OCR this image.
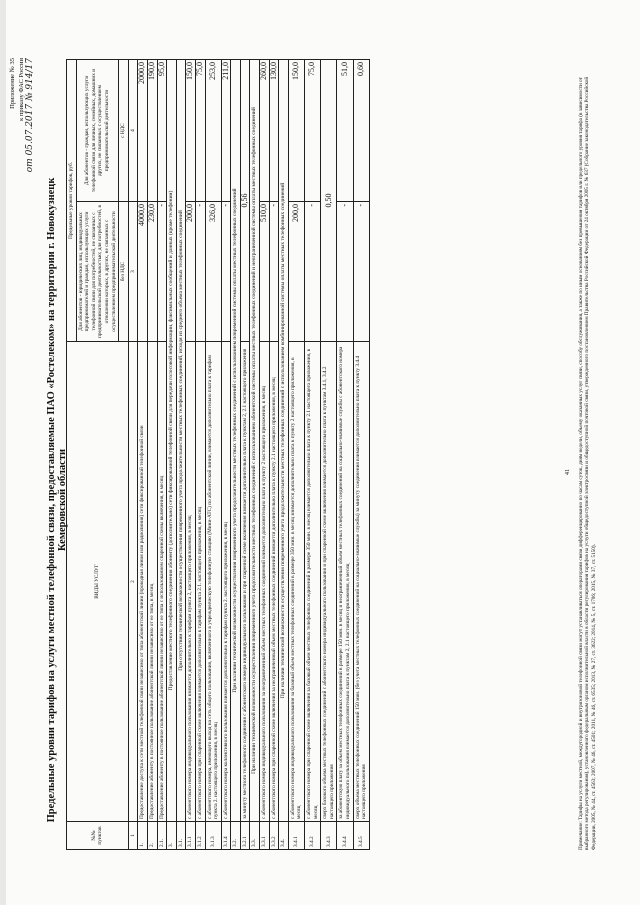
Приложение № 35 к приказу ФАС России от 05.07.2017 № 914/17
Предельные уровни тарифов на услуги местной телефонной связи, предоставляемые ПАО «Ростелеком» на территории г. Новокузнецк Кемеровской области
№№ пунктов	ВИДЫ УСЛУГ	Предельные уровни тарифов, руб.	
		Для абонентов - юридических лиц, индивидуальных предпринимателей и граждан, использующих услуги телефонной связи для потребностей, не связанных с предпринимательской деятельностью; для потребностей, в отношении которых, в других, не связанных с осуществлением предпринимательской деятельности	Для абонентов - граждан, использующих услуги телефонной связи для личных, семейных, домашних и других, не связанных с осуществлением предпринимательской деятельности
		без НДС	с НДС
1	2	3	4
1.	Предоставление доступа к сети местной телефонной связи независимо от типа абонентской линии (проводная линия или радиолиния) сети фиксированной телефонной связи	4000,0	2000,0
2.	Предоставление абоненту в постоянное пользование абонентской линии независимо от ее типа, в месяц	230,0	190,0
2.1.	Предоставление абоненту в постоянное пользование абонентской линии независимо от ее типа с использованием спаренной схемы включения, в месяц	-	95,0
3.	Предоставление местного телефонного соединения абоненту (дополнительно) сети фиксированной телефонной связи для передачи голосовой информации, факсимильных сообщений и данных (кроме телефонии)		
3.1.	При отсутствии технической возможности осуществления повременного учета продолжительности местных телефонных соединений, исходя из среднего объема местных телефонных соединений		
3.1.1	с абонентского номера индивидуального пользования взимается дополнительно к тарифам пункта 2, настоящего приложения, в месяц	200,0	150,0
3.1.2	с абонентского номера при спаренной схеме включения взимается дополнительно к тарифам пункта 2.1. настоящего приложения, в месяц	-	75,0
3.1.3	с абонентского номера, имеющего выход на сеть общего пользования, включенного в учрежденческую телефонную станцию (Мини-АТС) по абонентской линии, взимается дополнительно плата к тарифам пункта 2. настоящего приложения, в месяц	326,0	253,0
3.1.4	с абонентского номера коллективного пользования взимается дополнительно к тарифам пункта 2. настоящего приложения, в месяц	-	211,0
3.2.	При наличии технической возможности осуществления повременного учета продолжительности местных телефонных соединений с использованием повременной системы оплаты местных телефонных соединений		
3.2.1	за минуту местного телефонного соединения с абонентского номера индивидуального пользования и при спаренной схеме включения взимается дополнительно плата к пунктам 2, 2.1 настоящего приложения	0,56	
3.3.	При наличии технической возможности осуществления повременного учета продолжительности местных телефонных соединений с использованием абонентской системы оплаты местных телефонных соединений и неограниченной системы оплаты местных телефонных соединений		
3.3.1	с абонентского номера индивидуального пользования за неограниченный объем местных телефонных соединений взимается дополнительно плата к пункту 2 настоящего приложения, в месяц	510,0	260,0
3.3.2	с абонентского номера при спаренной схеме включения за неограниченный объем местных телефонных соединений взимается дополнительно плата к пункту 2.1 настоящего приложения, в месяц	-	130,0
3.4.	При наличии технической возможности осуществления повременного учета продолжительности местных телефонных соединений с использованием комбинированной системы оплаты местных телефонных соединений		
3.4.1	с абонентского номера индивидуального пользования за базовый объем местных телефонных соединений в размере 350 мин. в месяц взимается дополнительно плата к пункту 2 настоящего приложения, в месяц	200,0	150,0
3.4.2	с абонентского номера при спаренной схеме включения за базовый объем местных телефонных соединений в размере 350 мин. в месяц взимается дополнительно плата к пункту 2.1 настоящего приложения, в месяц	-	75,0
3.4.3	сверх базового объема местных телефонных соединений с абонентского номера индивидуального пользования и при спаренной схеме включения взимается дополнительно плата к пунктам 3.4.1, 3.4.2 настоящего приложения	0,50	
3.4.4	за абонентскую плату за объем местных телефонных соединений в размере 150 мин. в месяц и неограниченный объем местных телефонных соединений на социально-значимые службы с абонентского номера индивидуального пользования взимается дополнительно плата к пунктам 2, 2.1 настоящего приложения, в месяц	-	51,0
3.4.5	сверх объема местных телефонных соединений 150 мин. (без учета местных телефонных соединений на социально-значимые службы) за минуту соединения взимается дополнительно плата к пункту 3.4.4 настоящего приложения	-	0,60
41 Примечание: Тарифы на услуги местной, междугородной и внутризоновой телефонной связи могут устанавливаться операторами связи дифференцированно по часам суток, дням недели, объему оказанных услуг связи, способу обслуживания, а также по иным основаниям без превышения тарифов или предельного уровня тарифа (в зависимости от выбранного метода регулирования), установленного федеральным органом исполнительной власти в области регулирования тарифов на услуги общедоступной электросвязи и общедоступной почтовой связи, утвержденного постановлением Правительства Российской Федерации от 24 октября 2005 г. № 637 (Собрание законодательства Российской Федерации, 2005, № 44, ст. 4563; 2007, № 46, ст. 4501; 2011, № 46, ст. 6535; 2013, № 27, ст. 3622; 2014, № 5, ст. 1706; 2015, № 37, ст. 5150).
